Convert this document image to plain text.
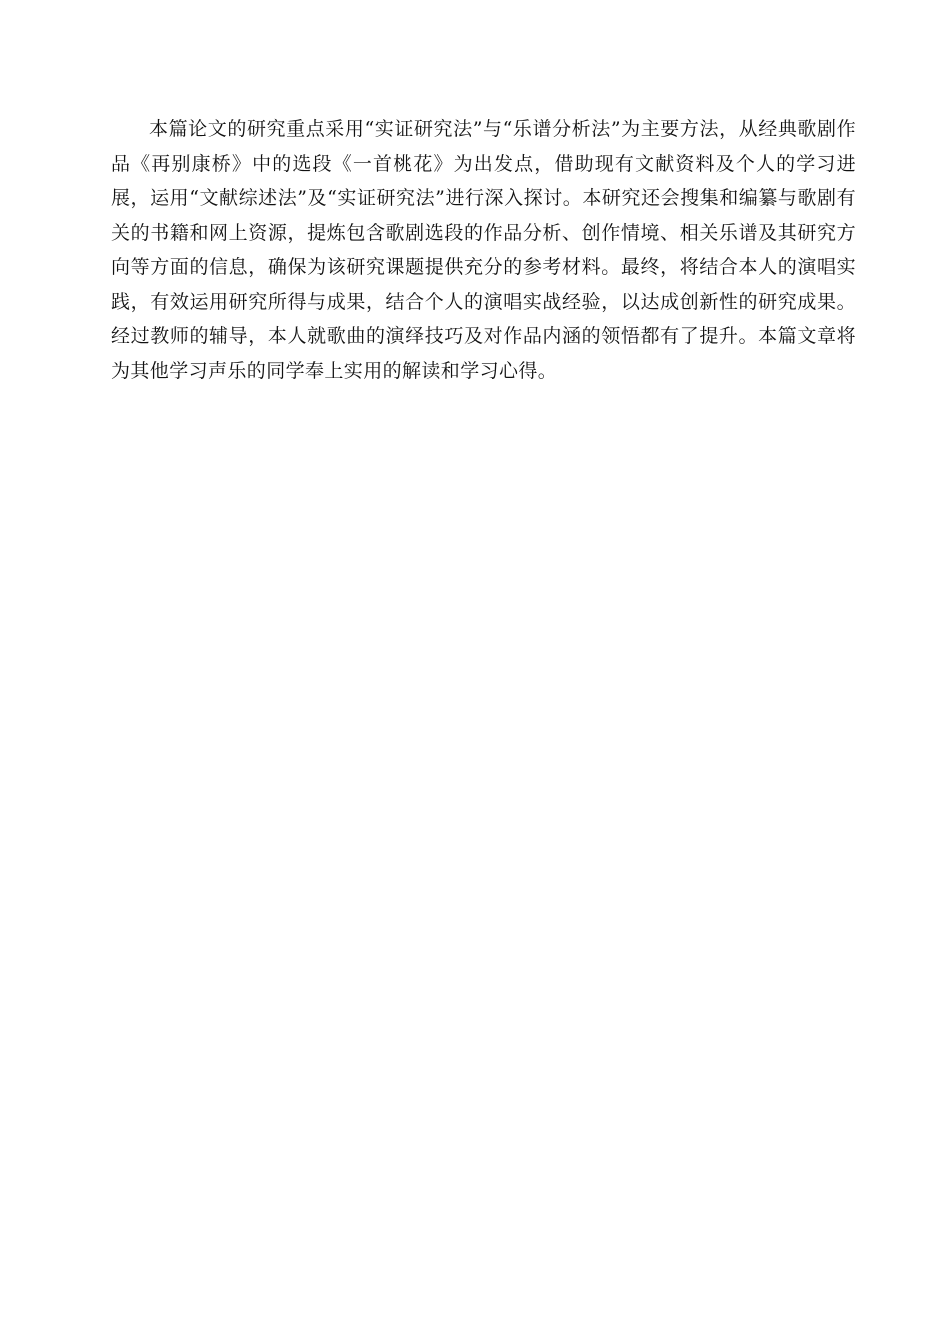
本篇论文的研究重点采用“实证研究法”与“乐谱分析法”为主要方法，从经典歌剧作品《再别康桥》中的选段《一首桃花》为出发点，借助现有文献资料及个人的学习进展，运用“文献综述法”及“实证研究法”进行深入探讨。本研究还会搜集和编纂与歌剧有关的书籍和网上资源，提炼包含歌剧选段的作品分析、创作情境、相关乐谱及其研究方向等方面的信息，确保为该研究课题提供充分的参考材料。最终，将结合本人的演唱实践，有效运用研究所得与成果，结合个人的演唱实战经验，以达成创新性的研究成果。经过教师的辅导，本人就歌曲的演绎技巧及对作品内涵的领悟都有了提升。本篇文章将为其他学习声乐的同学奉上实用的解读和学习心得。
